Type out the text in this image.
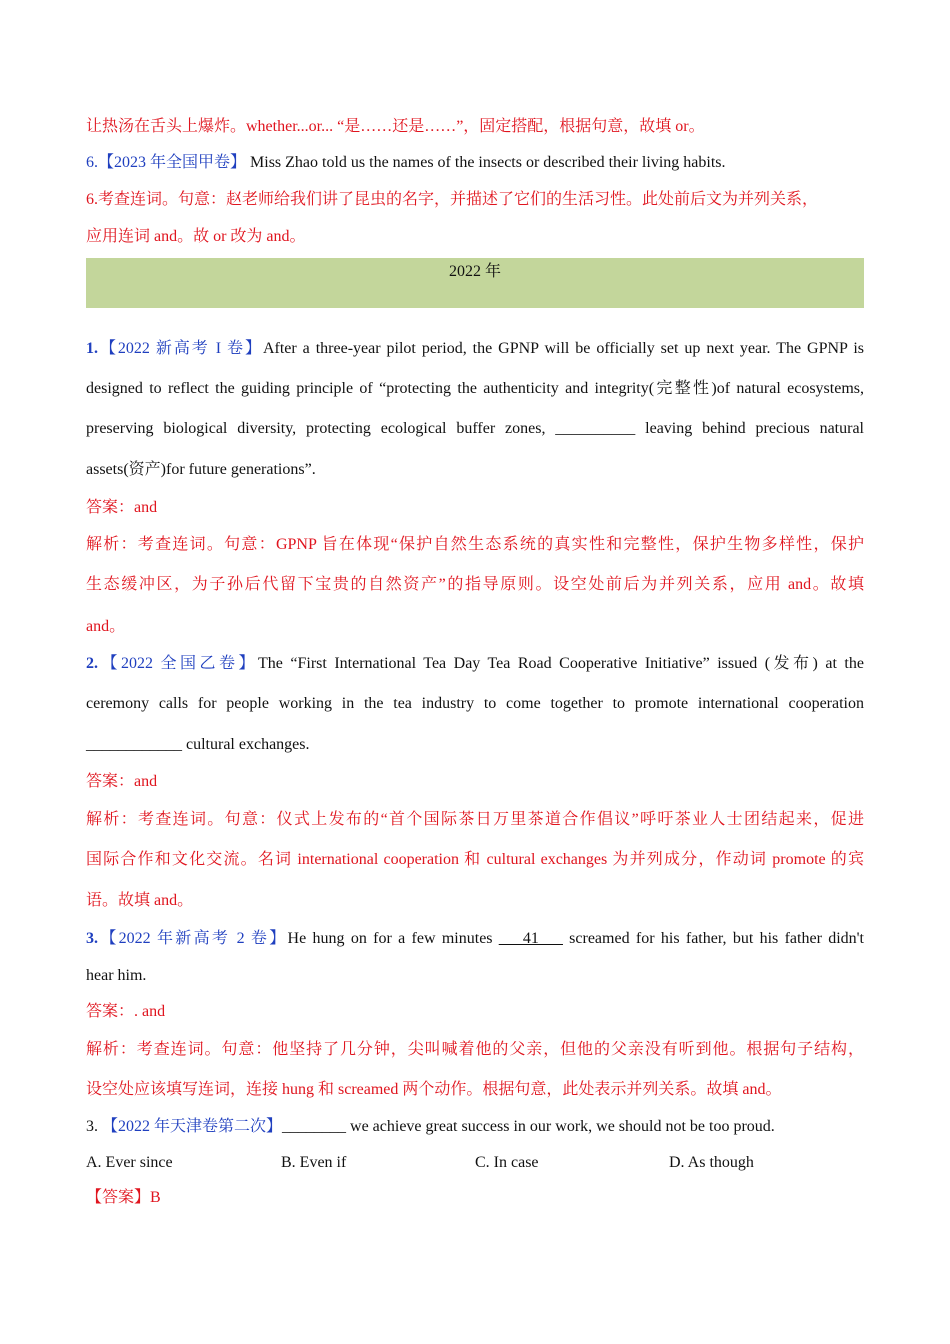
让热汤在舌头上爆炸。whether...or... “是……还是……”，固定搭配，根据句意，故填 or。
6.【2023 年全国甲卷】 Miss Zhao told us the names of the insects or described their living habits.
6.考查连词。句意：赵老师给我们讲了昆虫的名字，并描述了它们的生活习性。此处前后文为并列关系，
应用连词 and。故 or 改为 and。
2022 年
1.【2022 新高考 I 卷】After a three-year pilot period, the GPNP will be officially set up next year. The GPNP is
designed to reflect the guiding principle of “protecting the authenticity and integrity(完整性)of natural ecosystems,
preserving biological diversity, protecting ecological buffer zones, __________ leaving behind precious natural
assets(资产)for future generations”.
答案：and
解析：考查连词。句意：GPNP 旨在体现“保护自然生态系统的真实性和完整性，保护生物多样性，保护
生态缓冲区，为子孙后代留下宝贵的自然资产”的指导原则。设空处前后为并列关系，应用 and。故填
and。
2.【2022 全国乙卷】The “First International Tea Day Tea Road Cooperative Initiative” issued (发布) at the
ceremony calls for people working in the tea industry to come together to promote international cooperation
____________ cultural exchanges.
答案：and
解析：考查连词。句意：仪式上发布的“首个国际茶日万里茶道合作倡议”呼吁茶业人士团结起来，促进
国际合作和文化交流。名词 international cooperation 和 cultural exchanges 为并列成分，作动词 promote 的宾
语。故填 and。
3.【2022 年新高考 2 卷】He hung on for a few minutes ___41___ screamed for his father, but his father didn't
hear him.
答案：. and
解析：考查连词。句意：他坚持了几分钟，尖叫喊着他的父亲，但他的父亲没有听到他。根据句子结构，
设空处应该填写连词，连接 hung 和 screamed 两个动作。根据句意，此处表示并列关系。故填 and。
3. 【2022 年天津卷第二次】________ we achieve great success in our work, we should not be too proud.
A. Ever since	B. Even if	C. In case	D. As though
【答案】B
